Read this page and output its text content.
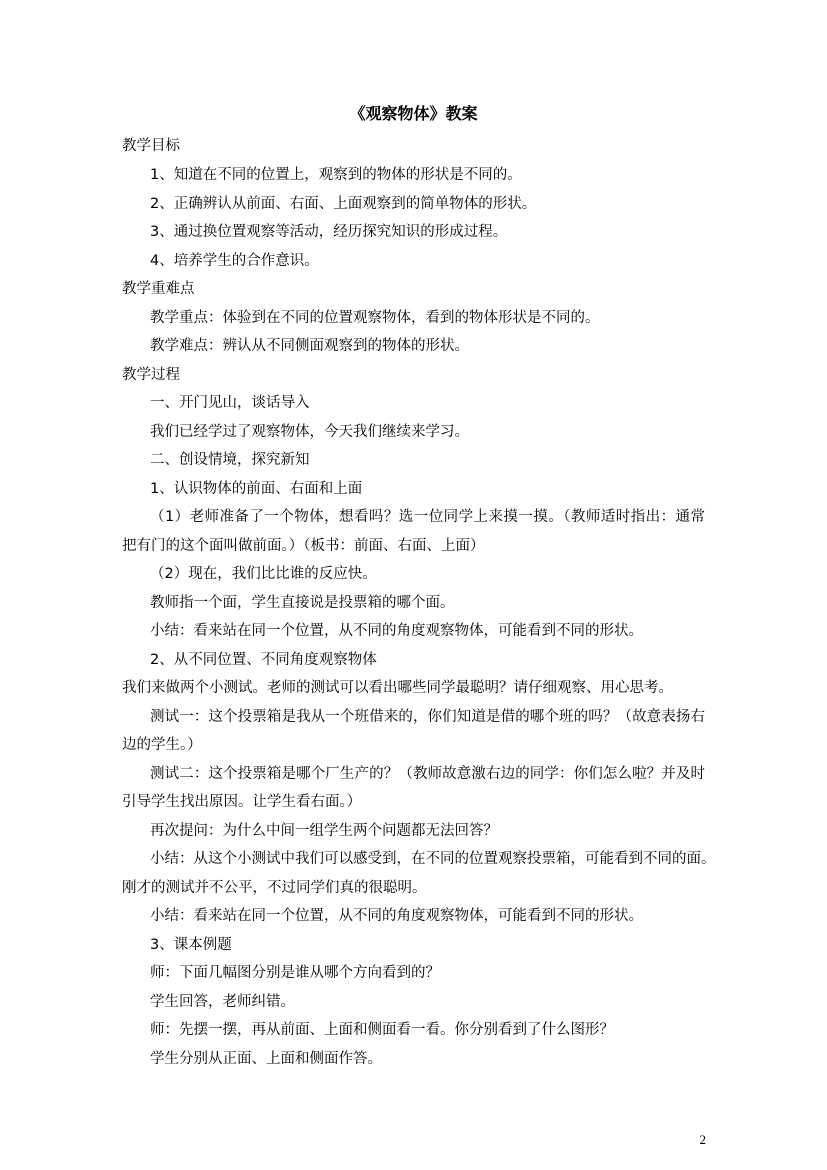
《观察物体》教案
教学目标
1、知道在不同的位置上，观察到的物体的形状是不同的。
2、正确辨认从前面、右面、上面观察到的简单物体的形状。
3、通过换位置观察等活动，经历探究知识的形成过程。
4、培养学生的合作意识。
教学重难点
教学重点：体验到在不同的位置观察物体，看到的物体形状是不同的。
教学难点：辨认从不同侧面观察到的物体的形状。
教学过程
一、开门见山，谈话导入
我们已经学过了观察物体，今天我们继续来学习。
二、创设情境，探究新知
1、认识物体的前面、右面和上面
（1）老师准备了一个物体，想看吗？选一位同学上来摸一摸。（教师适时指出：通常
把有门的这个面叫做前面。）（板书：前面、右面、上面）
（2）现在，我们比比谁的反应快。
教师指一个面，学生直接说是投票箱的哪个面。
小结：看来站在同一个位置，从不同的角度观察物体，可能看到不同的形状。
2、从不同位置、不同角度观察物体
我们来做两个小测试。老师的测试可以看出哪些同学最聪明？请仔细观察、用心思考。
测试一：这个投票箱是我从一个班借来的，你们知道是借的哪个班的吗？（故意表扬右
边的学生。）
测试二：这个投票箱是哪个厂生产的？（教师故意激右边的同学：你们怎么啦？并及时
引导学生找出原因。让学生看右面。）
再次提问：为什么中间一组学生两个问题都无法回答？
小结：从这个小测试中我们可以感受到，在不同的位置观察投票箱，可能看到不同的面。
刚才的测试并不公平，不过同学们真的很聪明。
小结：看来站在同一个位置，从不同的角度观察物体，可能看到不同的形状。
3、课本例题
师：下面几幅图分别是谁从哪个方向看到的？
学生回答，老师纠错。
师：先摆一摆，再从前面、上面和侧面看一看。你分别看到了什么图形？
学生分别从正面、上面和侧面作答。
2
